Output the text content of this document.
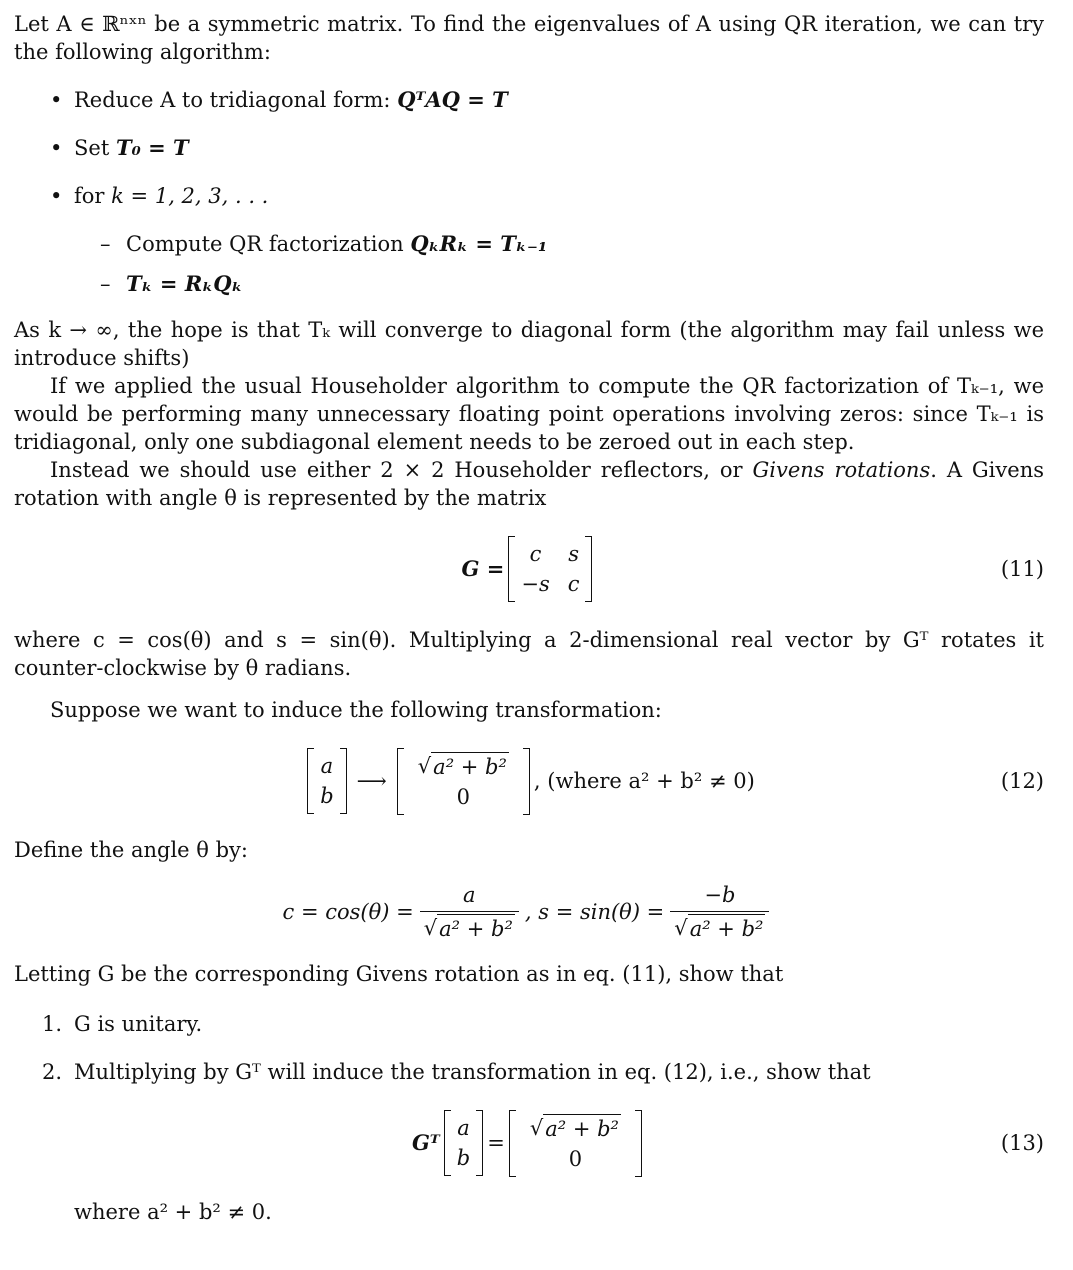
Let A ∈ ℝⁿˣⁿ be a symmetric matrix. To find the eigenvalues of A using QR iteration, we can try the following algorithm:

• Reduce A to tridiagonal form: QᵀAQ = T
• Set T₀ = T
• for k = 1, 2, 3, . . .
– Compute QR factorization QₖRₖ = Tₖ₋₁
– Tₖ = RₖQₖ

As k → ∞, the hope is that Tₖ will converge to diagonal form (the algorithm may fail unless we introduce shifts)

If we applied the usual Householder algorithm to compute the QR factorization of Tₖ₋₁, we would be performing many unnecessary floating point operations involving zeros: since Tₖ₋₁ is tridiagonal, only one subdiagonal element needs to be zeroed out in each step.

Instead we should use either 2 × 2 Householder reflectors, or Givens rotations. A Givens rotation with angle θ is represented by the matrix

G =
c	s
−s c
(11)

where c = cos(θ) and s = sin(θ). Multiplying a 2-dimensional real vector by Gᵀ rotates it counter-clockwise by θ radians.

Suppose we want to induce the following transformation:

a
b
⟶
√ a² + b²
0
, (where a² + b² ≠ 0)	(12)

Define the angle θ by:

$c = \cos(\theta) = \frac{a}{\text{√ a² + b²}}$ , $s = \sin(\theta) = \frac{-b}{\text{√ a² + b²}}$

Letting G be the corresponding Givens rotation as in eq. (11), show that

1. G is unitary.
2. Multiplying by Gᵀ will induce the transformation in eq. (12), i.e., show that
Gᵀ
a
b
=
√ a² + b²
0
(13)
where a² + b² ≠ 0.
